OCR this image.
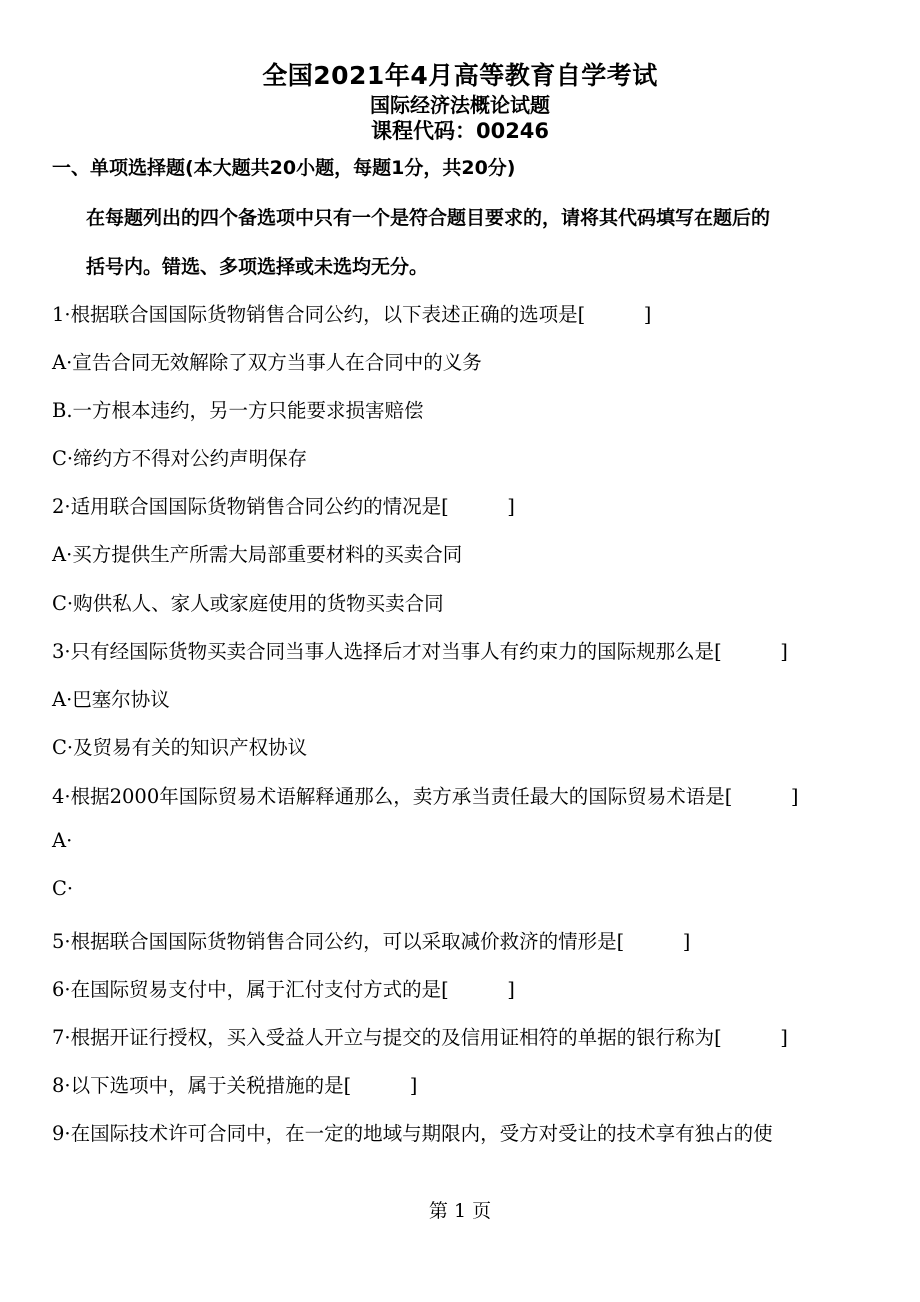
全国2021年4月高等教育自学考试
国际经济法概论试题
课程代码：00246
一、单项选择题(本大题共20小题，每题1分，共20分)
在每题列出的四个备选项中只有一个是符合题目要求的，请将其代码填写在题后的
括号内。错选、多项选择或未选均无分。
1·根据联合国国际货物销售合同公约，以下表述正确的选项是[　　　]
A·宣告合同无效解除了双方当事人在合同中的义务
B.一方根本违约，另一方只能要求损害赔偿
C·缔约方不得对公约声明保存
2·适用联合国国际货物销售合同公约的情况是[　　　]
A·买方提供生产所需大局部重要材料的买卖合同
C·购供私人、家人或家庭使用的货物买卖合同
3·只有经国际货物买卖合同当事人选择后才对当事人有约束力的国际规那么是[　　　]
A·巴塞尔协议
C·及贸易有关的知识产权协议
4·根据2000年国际贸易术语解释通那么，卖方承当责任最大的国际贸易术语是[　　　]
A·
C·
5·根据联合国国际货物销售合同公约，可以采取减价救济的情形是[　　　]
6·在国际贸易支付中，属于汇付支付方式的是[　　　]
7·根据开证行授权，买入受益人开立与提交的及信用证相符的单据的银行称为[　　　]
8·以下选项中，属于关税措施的是[　　　]
9·在国际技术许可合同中，在一定的地域与期限内，受方对受让的技术享有独占的使
第 1 页
